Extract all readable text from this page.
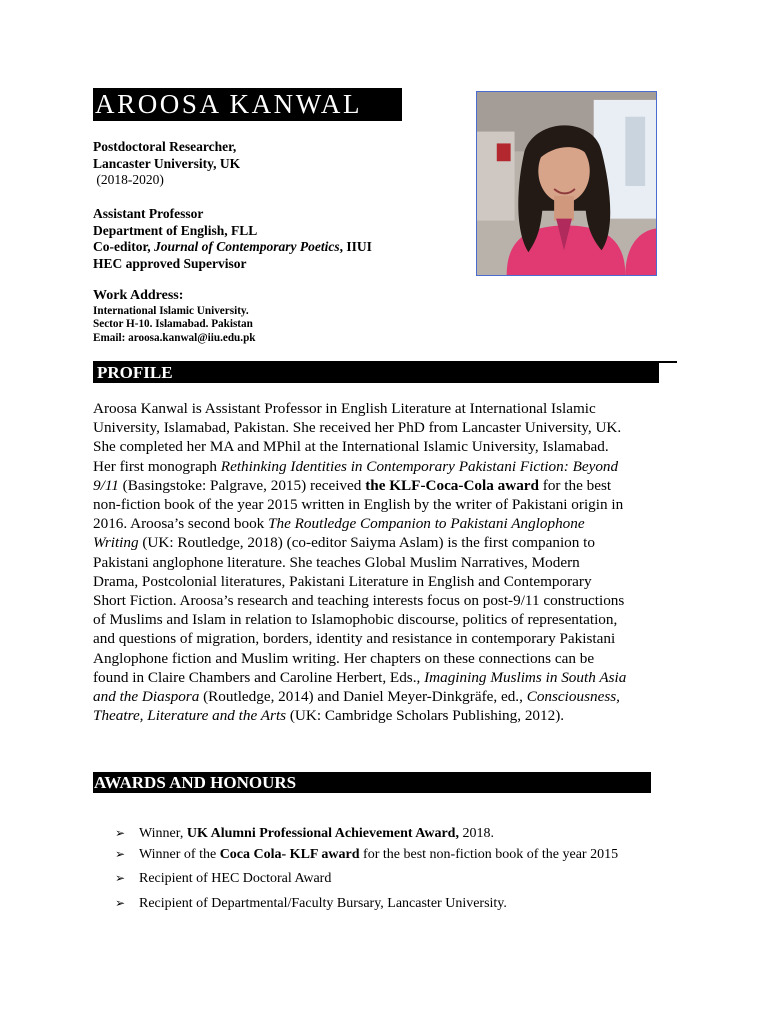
AROOSA KANWAL
Postdoctoral Researcher,
Lancaster University, UK
(2018-2020)
Assistant Professor
Department of English, FLL
Co-editor, Journal of Contemporary Poetics, IIUI
HEC approved Supervisor
Work Address:
International Islamic University.
Sector H-10. Islamabad. Pakistan
Email: aroosa.kanwal@iiu.edu.pk
PROFILE

Aroosa Kanwal is Assistant Professor in English Literature at International Islamic University, Islamabad, Pakistan. She received her PhD from Lancaster University, UK. She completed her MA and MPhil at the International Islamic University, Islamabad. Her first monograph Rethinking Identities in Contemporary Pakistani Fiction: Beyond 9/11 (Basingstoke: Palgrave, 2015) received the KLF-Coca-Cola award for the best non-fiction book of the year 2015 written in English by the writer of Pakistani origin in 2016. Aroosa’s second book The Routledge Companion to Pakistani Anglophone Writing (UK: Routledge, 2018) (co-editor Saiyma Aslam) is the first companion to Pakistani anglophone literature. She teaches Global Muslim Narratives, Modern Drama, Postcolonial literatures, Pakistani Literature in English and Contemporary Short Fiction. Aroosa’s research and teaching interests focus on post-9/11 constructions of Muslims and Islam in relation to Islamophobic discourse, politics of representation, and questions of migration, borders, identity and resistance in contemporary Pakistani Anglophone fiction and Muslim writing. Her chapters on these connections can be found in Claire Chambers and Caroline Herbert, Eds., Imagining Muslims in South Asia and the Diaspora (Routledge, 2014) and Daniel Meyer-Dinkgräfe, ed., Consciousness, Theatre, Literature and the Arts (UK: Cambridge Scholars Publishing, 2012).

AWARDS AND HONOURS
➢ Winner, UK Alumni Professional Achievement Award, 2018.
➢ Winner of the Coca Cola- KLF award for the best non-fiction book of the year 2015
➢ Recipient of HEC Doctoral Award
➢ Recipient of Departmental/Faculty Bursary, Lancaster University.
